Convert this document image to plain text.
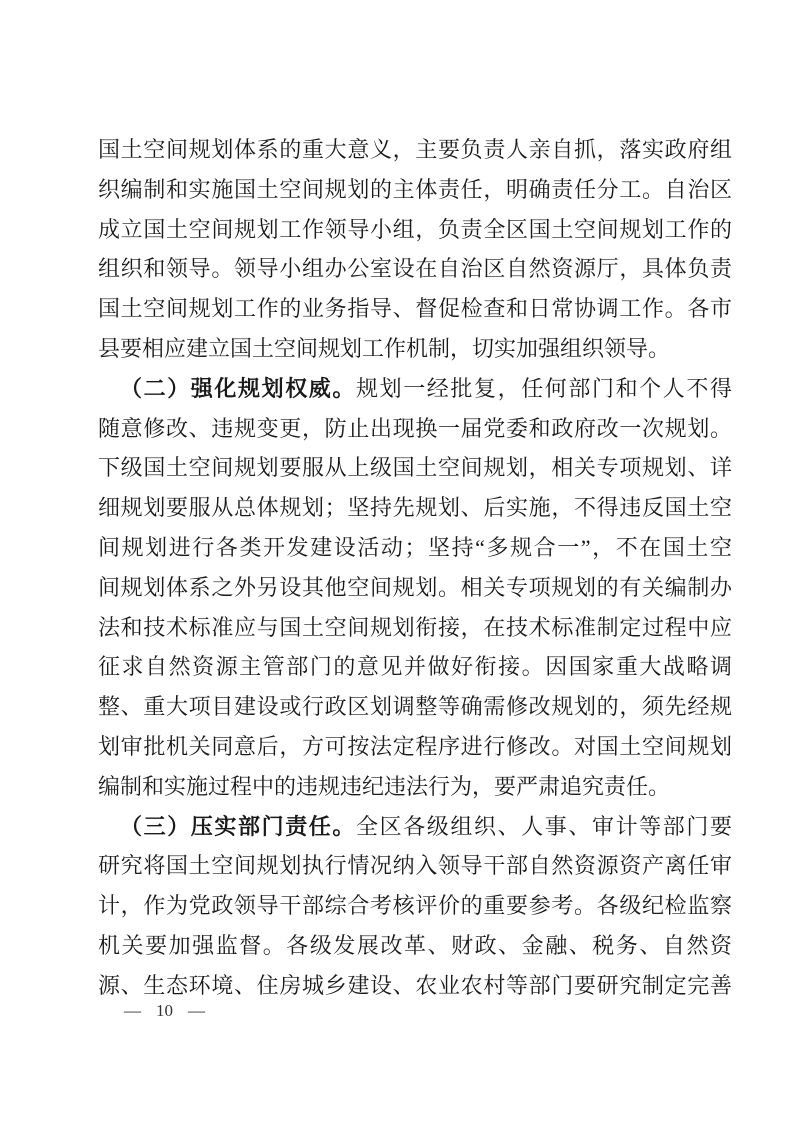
国土空间规划体系的重大意义，主要负责人亲自抓，落实政府组
织编制和实施国土空间规划的主体责任，明确责任分工。自治区
成立国土空间规划工作领导小组，负责全区国土空间规划工作的
组织和领导。领导小组办公室设在自治区自然资源厅，具体负责
国土空间规划工作的业务指导、督促检查和日常协调工作。各市
县要相应建立国土空间规划工作机制，切实加强组织领导。
（二）强化规划权威。规划一经批复，任何部门和个人不得
随意修改、违规变更，防止出现换一届党委和政府改一次规划。
下级国土空间规划要服从上级国土空间规划，相关专项规划、详
细规划要服从总体规划；坚持先规划、后实施，不得违反国土空
间规划进行各类开发建设活动；坚持“多规合一”，不在国土空
间规划体系之外另设其他空间规划。相关专项规划的有关编制办
法和技术标准应与国土空间规划衔接，在技术标准制定过程中应
征求自然资源主管部门的意见并做好衔接。因国家重大战略调
整、重大项目建设或行政区划调整等确需修改规划的，须先经规
划审批机关同意后，方可按法定程序进行修改。对国土空间规划
编制和实施过程中的违规违纪违法行为，要严肃追究责任。
（三）压实部门责任。全区各级组织、人事、审计等部门要
研究将国土空间规划执行情况纳入领导干部自然资源资产离任审
计，作为党政领导干部综合考核评价的重要参考。各级纪检监察
机关要加强监督。各级发展改革、财政、金融、税务、自然资
源、生态环境、住房城乡建设、农业农村等部门要研究制定完善
— 10 —
